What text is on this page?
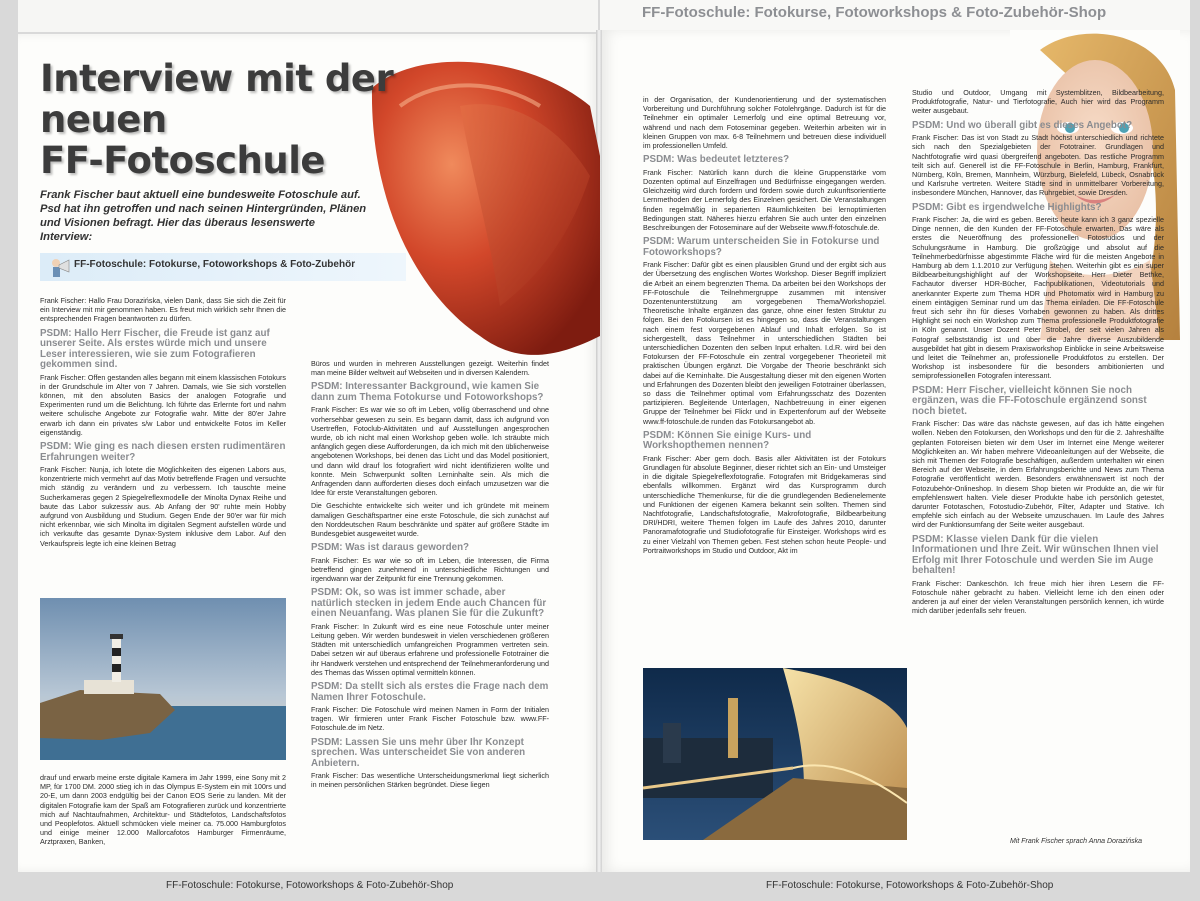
FF-Fotoschule: Fotokurse, Fotoworkshops & Foto-Zubehör-Shop
Interview mit der neuen
FF-Fotoschule
Frank Fischer baut aktuell eine bundesweite Fotoschule auf. Psd hat ihn getroffen und nach seinen Hintergründen, Plänen und Visionen befragt. Hier das überaus lesenswerte Interview:
FF-Fotoschule: Fotokurse, Fotoworkshops & Foto-Zubehör

Frank Fischer: Hallo Frau Dorazińska, vielen Dank, dass Sie sich die Zeit für ein Interview mit mir genommen haben. Es freut mich wirklich sehr Ihnen die entsprechenden Fragen beantworten zu dürfen.

PSDM: Hallo Herr Fischer, die Freude ist ganz auf unserer Seite. Als erstes würde mich und unsere Leser interessieren, wie sie zum Fotografieren gekommen sind.

Frank Fischer: Offen gestanden alles begann mit einem klassischen Fotokurs in der Grundschule im Alter von 7 Jahren. Damals, wie Sie sich vorstellen können, mit den absoluten Basics der analogen Fotografie und Experimenten rund um die Belichtung. Ich führte das Erlernte fort und nahm weitere schulische Angebote zur Fotografie wahr. Mitte der 80'er Jahre erwarb ich dann ein privates s/w Labor und entwickelte Fotos im Keller eigenständig.

PSDM: Wie ging es nach diesen ersten rudimentären Erfahrungen weiter?

Frank Fischer: Nunja, ich lotete die Möglichkeiten des eigenen Labors aus, konzentrierte mich vermehrt auf das Motiv betreffende Fragen und versuchte mich ständig zu verändern und zu verbessern. Ich tauschte meine Sucherkameras gegen 2 Spiegelreflexmodelle der Minolta Dynax Reihe und baute das Labor sukzessiv aus. Ab Anfang der 90' ruhte mein Hobby aufgrund von Ausbildung und Studium. Gegen Ende der 90'er war für mich nicht erkennbar, wie sich Minolta im digitalen Segment aufstellen würde und ich verkaufte das gesamte Dynax-System inklusive dem Labor. Auf den Verkaufspreis legte ich eine kleinen Betrag

drauf und erwarb meine erste digitale Kamera im Jahr 1999, eine Sony mit 2 MP, für 1700 DM. 2000 stieg ich in das Olympus E-System ein mit 100rs und 20-E, um dann 2003 endgültig bei der Canon EOS Serie zu landen. Mit der digitalen Fotografie kam der Spaß am Fotografieren zurück und konzentrierte mich auf Nachtaufnahmen, Architektur- und Städtefotos, Landschaftsfotos und Peoplefotos. Aktuell schmücken viele meiner ca. 75.000 Hamburgfotos und einige meiner 12.000 Mallorcafotos Hamburger Firmenräume, Arztpraxen, Banken,

Büros und wurden in mehreren Ausstellungen gezeigt. Weiterhin findet man meine Bilder weltweit auf Webseiten und in diversen Kalendern.

PSDM: Interessanter Background, wie kamen Sie dann zum Thema Fotokurse und Fotoworkshops?

Frank Fischer: Es war wie so oft im Leben, völlig überraschend und ohne vorhersehbar gewesen zu sein. Es begann damit, dass ich aufgrund von Usertreffen, Fotoclub-Aktivitäten und auf Ausstellungen angesprochen wurde, ob ich nicht mal einen Workshop geben wolle. Ich sträubte mich anfänglich gegen diese Aufforderungen, da ich mich mit den üblicherweise angebotenen Workshops, bei denen das Licht und das Model positioniert, und dann wild drauf los fotografiert wird nicht identifizieren wollte und konnte. Mein Schwerpunkt sollten Lerninhalte sein. Als mich die Anfragenden dann aufforderten dieses doch einfach umzusetzen war die Idee für erste Veranstaltungen geboren.

Die Geschichte entwickelte sich weiter und ich gründete mit meinem damaligen Geschäftspartner eine erste Fotoschule, die sich zunächst auf den Norddeutschen Raum beschränkte und später auf größere Städte im Bundesgebiet ausgeweitet wurde.

PSDM: Was ist daraus geworden?

Frank Fischer: Es war wie so oft im Leben, die Interessen, die Firma betreffend gingen zunehmend in unterschiedliche Richtungen und irgendwann war der Zeitpunkt für eine Trennung gekommen.

PSDM: Ok, so was ist immer schade, aber natürlich stecken in jedem Ende auch Chancen für einen Neuanfang. Was planen Sie für die Zukunft?

Frank Fischer: In Zukunft wird es eine neue Fotoschule unter meiner Leitung geben. Wir werden bundesweit in vielen verschiedenen größeren Städten mit unterschiedlich umfangreichen Programmen vertreten sein. Dabei setzen wir auf überaus erfahrene und professionelle Fototrainer die ihr Handwerk verstehen und entsprechend der Teilnehmeranforderung und des Themas das Wissen optimal vermitteln können.

PSDM: Da stellt sich als erstes die Frage nach dem Namen Ihrer Fotoschule.

Frank Fischer: Die Fotoschule wird meinen Namen in Form der Initialen tragen. Wir firmieren unter Frank Fischer Fotoschule bzw. www.FF-Fotoschule.de im Netz.

PSDM: Lassen Sie uns mehr über Ihr Konzept sprechen. Was unterscheidet Sie von anderen Anbietern.

Frank Fischer: Das wesentliche Unterscheidungsmerkmal liegt sicherlich in meinen persönlichen Stärken begründet. Diese liegen

in der Organisation, der Kundenorientierung und der systematischen Vorbereitung und Durchführung solcher Fotolehrgänge. Dadurch ist für die Teilnehmer ein optimaler Lernerfolg und eine optimal Betreuung vor, während und nach dem Fotoseminar gegeben. Weiterhin arbeiten wir in kleinen Gruppen von max. 6-8 Teilnehmern und betreuen diese individuell im professionellen Umfeld.

PSDM: Was bedeutet letzteres?

Frank Fischer: Natürlich kann durch die kleine Gruppenstärke vom Dozenten optimal auf Einzelfragen und Bedürfnisse eingegangen werden. Gleichzeitig wird durch fordern und fördern sowie durch zukunftsorientierte Lernmethoden der Lernerfolg des Einzelnen gesichert. Die Veranstaltungen finden regelmäßig in separierten Räumlichkeiten bei lernoptimierten Bedingungen statt. Näheres hierzu erfahren Sie auch unter den einzelnen Beschreibungen der Fotoseminare auf der Webseite www.ff-fotoschule.de.

PSDM: Warum unterscheiden Sie in Fotokurse und Fotoworkshops?

Frank Fischer: Dafür gibt es einen plausiblen Grund und der ergibt sich aus der Übersetzung des englischen Wortes Workshop. Dieser Begriff impliziert die Arbeit an einem begrenzten Thema. Da arbeiten bei den Workshops der FF-Fotoschule die Teilnehmergruppe zusammen mit intensiver Dozentenunterstützung am vorgegebenen Thema/Workshopziel. Theoretische Inhalte ergänzen das ganze, ohne einer festen Struktur zu folgen. Bei den Fotokursen ist es hingegen so, dass die Veranstaltungen nach einem fest vorgegebenen Ablauf und Inhalt erfolgen. So ist sichergestellt, dass Teilnehmer in unterschiedlichen Städten bei unterschiedlichen Dozenten den selben Input erhalten. I.d.R. wird bei den Fotokursen der FF-Fotoschule ein zentral vorgegebener Theorieteil mit praktischen Übungen ergänzt. Die Vorgabe der Theorie beschränkt sich dabei auf die Kerninhalte. Die Ausgestaltung dieser mit den eigenen Worten und Erfahrungen des Dozenten bleibt den jeweiligen Fototrainer überlassen, so dass die Teilnehmer optimal vom Erfahrungsschatz des Dozenten partizipieren. Begleitende Unterlagen, Nachbetreuung in einer eigenen Gruppe der Teilnehmer bei Flickr und in Expertenforum auf der Webseite www.ff-fotoschule.de runden das Fotokursangebot ab.

PSDM: Können Sie einige Kurs- und Workshopthemen nennen?

Frank Fischer: Aber gern doch. Basis aller Aktivitäten ist der Fotokurs Grundlagen für absolute Beginner, dieser richtet sich an Ein- und Umsteiger in die digitale Spiegelreflexfotografie. Fotografen mit Bridgekameras sind ebenfalls willkommen. Ergänzt wird das Kursprogramm durch unterschiedliche Themenkurse, für die die grundlegenden Bedienelemente und Funktionen der eigenen Kamera bekannt sein sollten. Themen sind Nachtfotografie, Landschaftsfotografie, Makrofotografie, Bildbearbeitung DRI/HDRI, weitere Themen folgen im Laufe des Jahres 2010, darunter Panoramafotografie und Studiofotografie für Einsteiger. Workshops wird es zu einer Vielzahl von Themen geben. Fest stehen schon heute People- und Portraitworkshops im Studio und Outdoor, Akt im

Studio und Outdoor, Umgang mit Systemblitzen, Bildbearbeitung, Produktfotografie, Natur- und Tierfotografie, Auch hier wird das Programm weiter ausgebaut.

PSDM: Und wo überall gibt es dieses Angebot?

Frank Fischer: Das ist von Stadt zu Stadt höchst unterschiedlich und richtete sich nach den Spezialgebieten der Fototrainer. Grundlagen und Nachtfotografie wird quasi übergreifend angeboten. Das restliche Programm teilt sich auf. Generell ist die FF-Fotoschule in Berlin, Hamburg, Frankfurt, Nürnberg, Köln, Bremen, Mannheim, Würzburg, Bielefeld, Lübeck, Osnabrück und Karlsruhe vertreten. Weitere Städte sind in unmittelbarer Vorbereitung, insbesondere München, Hannover, das Ruhrgebiet, sowie Dresden.

PSDM: Gibt es irgendwelche Highlights?

Frank Fischer: Ja, die wird es geben. Bereits heute kann ich 3 ganz spezielle Dinge nennen, die den Kunden der FF-Fotoschule erwarten. Das wäre als erstes die Neueröffnung des professionellen Fotostudios und der Schulungsräume in Hamburg. Die großzügige und absolut auf die Teilnehmerbedürfnisse abgestimmte Fläche wird für die meisten Angebote in Hamburg ab dem 1.1.2010 zur Verfügung stehen. Weiterhin gibt es ein super Bildbearbeitungshighlight auf der Workshopseite. Herr Dieter Bethke, Fachautor diverser HDR-Bücher, Fachpublikationen, Videotutorials und anerkannter Experte zum Thema HDR und Photomatix wird in Hamburg zu einem eintägigen Seminar rund um das Thema einladen. Die FF-Fotoschule freut sich sehr ihn für dieses Vorhaben gewonnen zu haben. Als drittes Highlight sei noch ein Workshop zum Thema professionelle Produktfotografie in Köln genannt. Unser Dozent Peter Strobel, der seit vielen Jahren als Fotograf selbstständig ist und über die Jahre diverse Auszubildende ausgebildet hat gibt in diesem Praxisworkshop Einblicke in seine Arbeitsweise und leitet die Teilnehmer an, professionelle Produktfotos zu erstellen. Der Workshop ist insbesondere für die besonders ambitionierten und semiprofessionellen Fotografen interessant.

PSDM: Herr Fischer, vielleicht können Sie noch ergänzen, was die FF-Fotoschule ergänzend sonst noch bietet.

Frank Fischer: Das wäre das nächste gewesen, auf das ich hätte eingehen wollen. Neben den Fotokursen, den Workshops und den für die 2. Jahreshälfte geplanten Fotoreisen bieten wir dem User im Internet eine Menge weiterer Möglichkeiten an. Wir haben mehrere Videoanleitungen auf der Webseite, die sich mit Themen der Fotografie beschäftigen, außerdem unterhalten wir einen Bereich auf der Webseite, in dem Erfahrungsberichte und News zum Thema Fotografie veröffentlicht werden. Besonders erwähnenswert ist noch der Fotozubehör-Onlineshop. In diesem Shop bieten wir Produkte an, die wir für empfehlenswert halten. Viele dieser Produkte habe ich persönlich getestet, darunter Fototaschen, Fotostudio-Zubehör, Filter, Adapter und Stative. Ich empfehle sich einfach au der Webseite umzuschauen. Im Laufe des Jahres wird der Funktionsumfang der Seite weiter ausgebaut.

PSDM: Klasse vielen Dank für die vielen Informationen und Ihre Zeit. Wir wünschen Ihnen viel Erfolg mit Ihrer Fotoschule und werden Sie im Auge behalten!

Frank Fischer: Dankeschön. Ich freue mich hier ihren Lesern die FF-Fotoschule näher gebracht zu haben. Vielleicht lerne ich den einen oder anderen ja auf einer der vielen Veranstaltungen persönlich kennen, ich würde mich darüber jedenfalls sehr freuen.

Mit Frank Fischer sprach Anna Dorazińska
FF-Fotoschule: Fotokurse, Fotoworkshops & Foto-Zubehör-Shop	FF-Fotoschule: Fotokurse, Fotoworkshops & Foto-Zubehör-Shop
